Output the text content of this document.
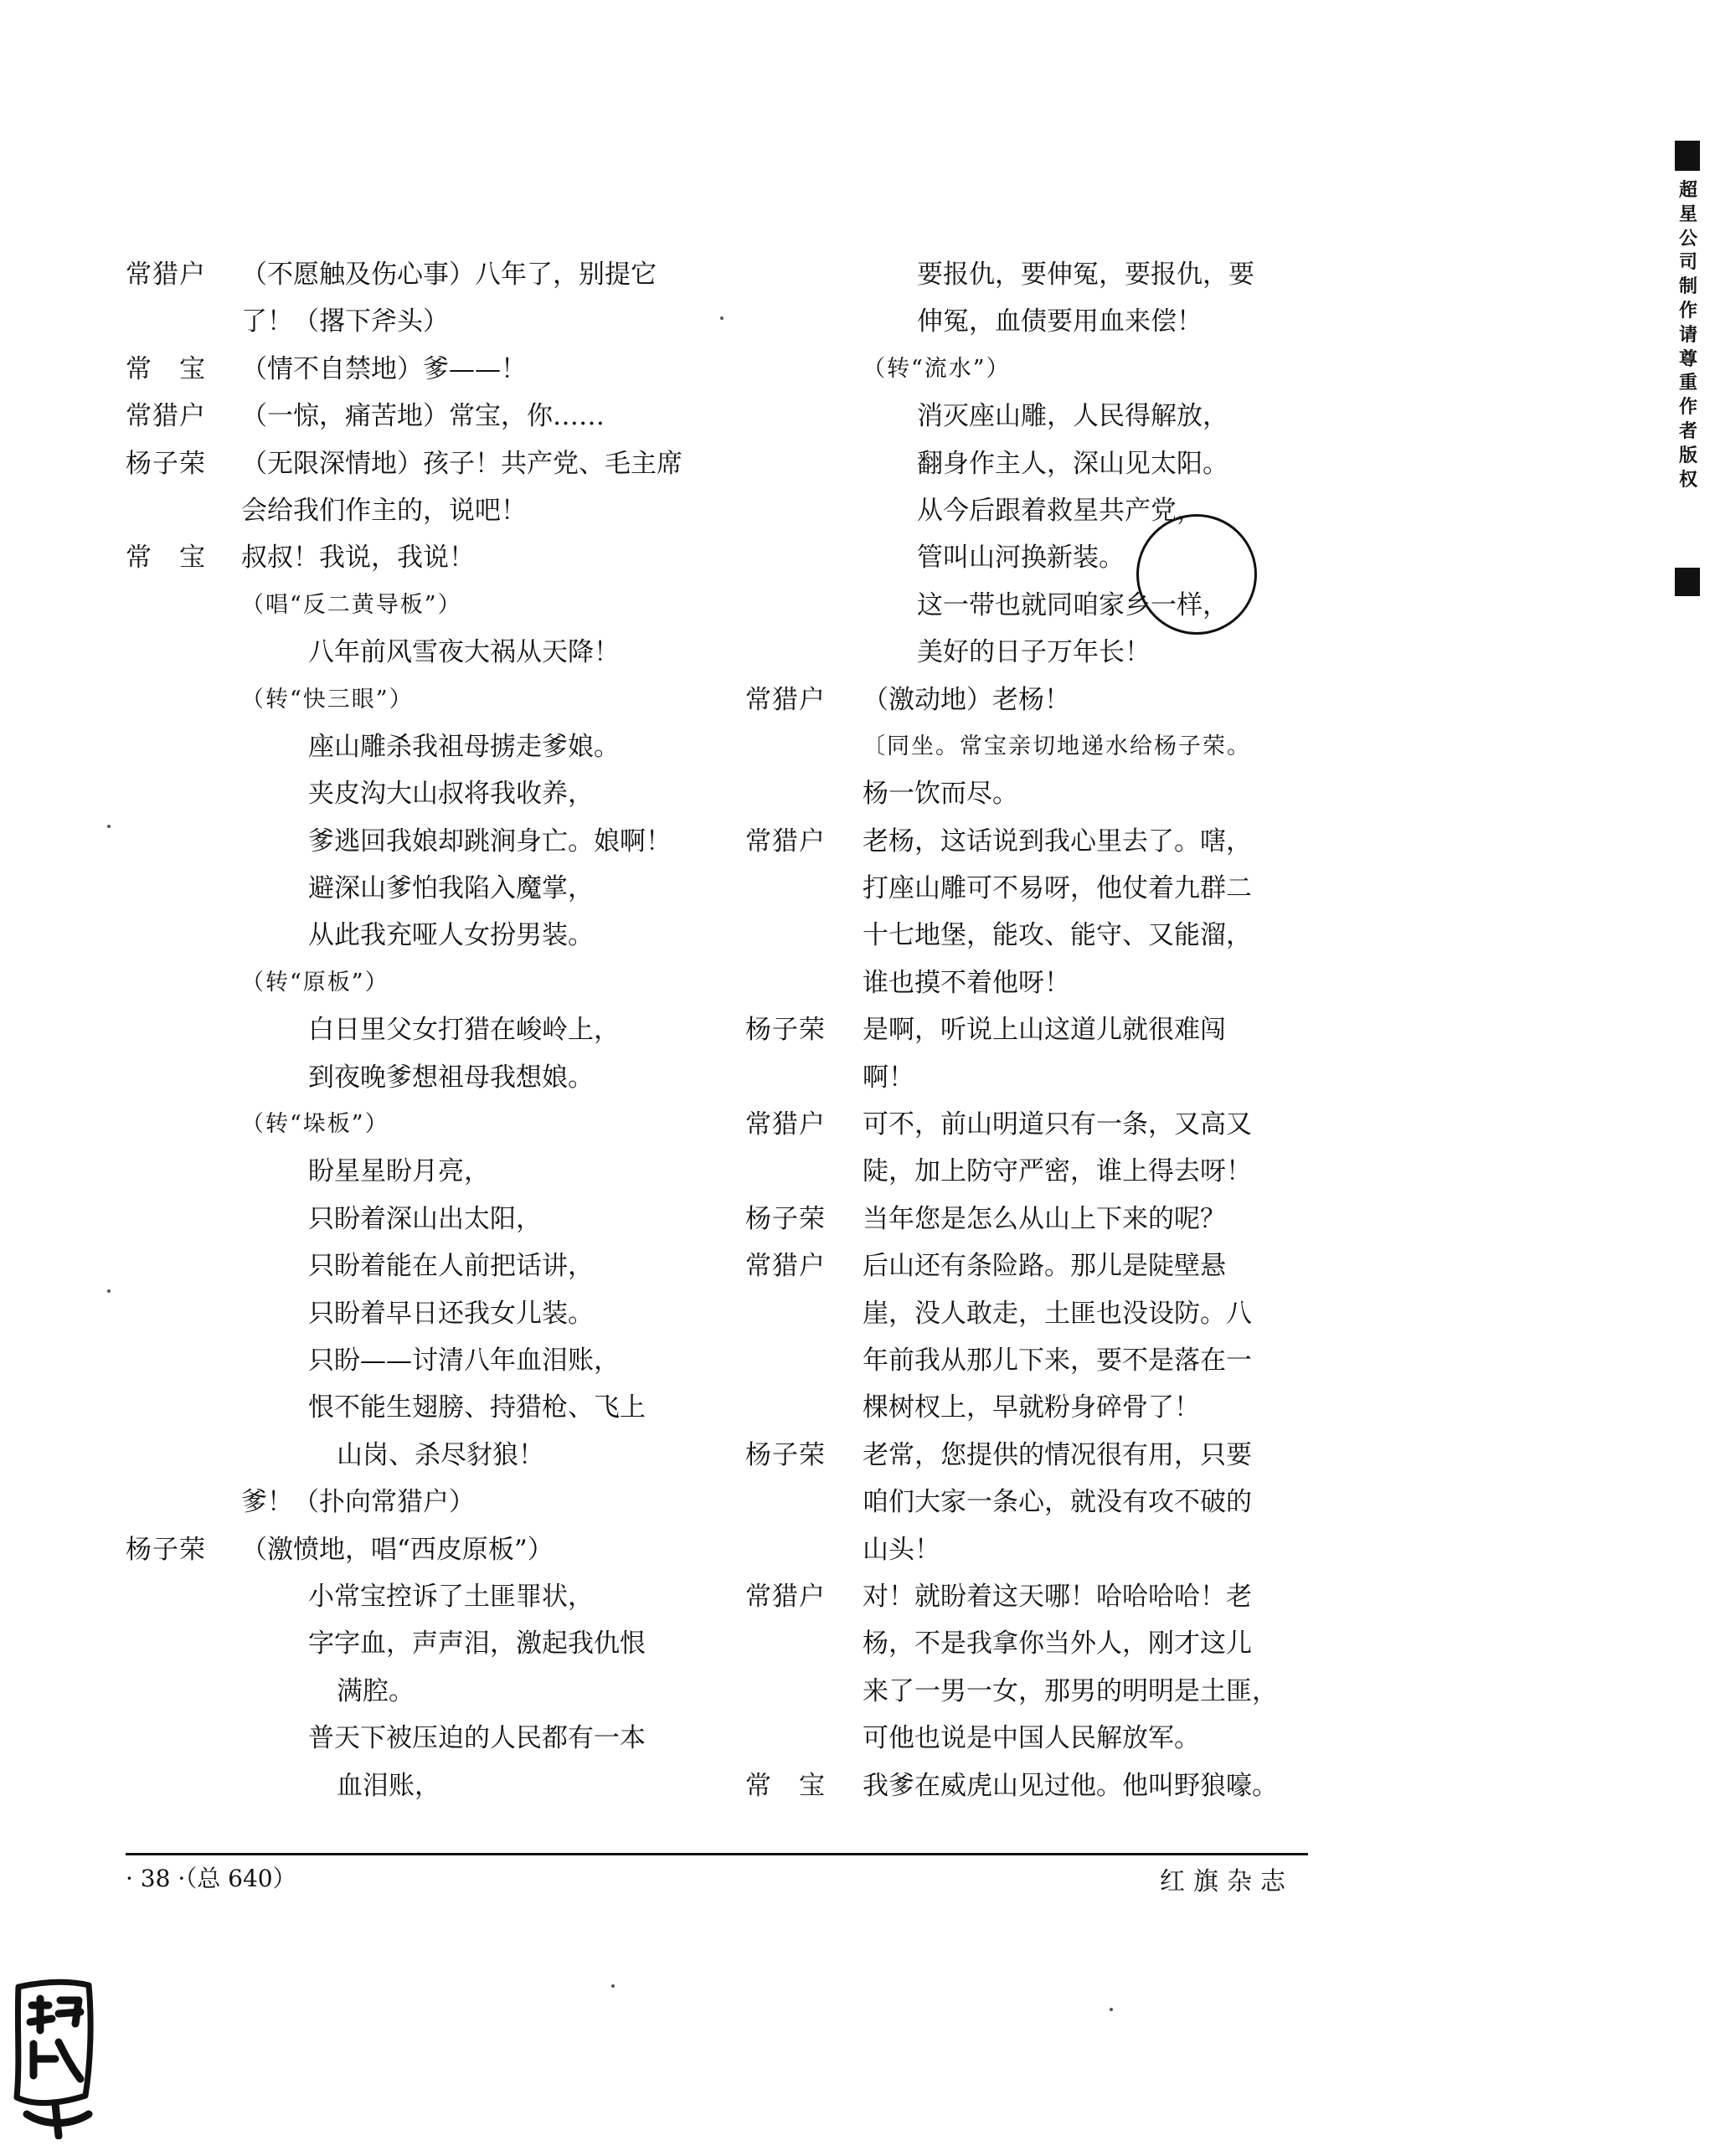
常猎户 （不愿触及伤心事）八年了，别提它
了！（撂下斧头）
常　宝 （情不自禁地）爹——！
常猎户 （一惊，痛苦地）常宝，你……
杨子荣 （无限深情地）孩子！共产党、毛主席
会给我们作主的，说吧！
常　宝 叔叔！我说，我说！
（唱“反二黄导板”）
八年前风雪夜大祸从天降！
（转“快三眼”）
座山雕杀我祖母掳走爹娘。
夹皮沟大山叔将我收养，
爹逃回我娘却跳涧身亡。娘啊！
避深山爹怕我陷入魔掌，
从此我充哑人女扮男装。
（转“原板”）
白日里父女打猎在峻岭上，
到夜晚爹想祖母我想娘。
（转“垛板”）
盼星星盼月亮，
只盼着深山出太阳，
只盼着能在人前把话讲，
只盼着早日还我女儿装。
只盼——讨清八年血泪账，
恨不能生翅膀、持猎枪、飞上
山岗、杀尽豺狼！
爹！（扑向常猎户）
杨子荣 （激愤地，唱“西皮原板”）
小常宝控诉了土匪罪状，
字字血，声声泪，激起我仇恨
满腔。
普天下被压迫的人民都有一本
血泪账，
要报仇，要伸冤，要报仇，要
伸冤，血债要用血来偿！
（转“流水”）
消灭座山雕，人民得解放，
翻身作主人，深山见太阳。
从今后跟着救星共产党，
管叫山河换新装。
这一带也就同咱家乡一样，
美好的日子万年长！
常猎户 （激动地）老杨！
〔同坐。常宝亲切地递水给杨子荣。
杨一饮而尽。
常猎户 老杨，这话说到我心里去了。嗐，
打座山雕可不易呀，他仗着九群二
十七地堡，能攻、能守、又能溜，
谁也摸不着他呀！
杨子荣 是啊，听说上山这道儿就很难闯
啊！
常猎户 可不，前山明道只有一条，又高又
陡，加上防守严密，谁上得去呀！
杨子荣 当年您是怎么从山上下来的呢？
常猎户 后山还有条险路。那儿是陡壁悬
崖，没人敢走，土匪也没设防。八
年前我从那儿下来，要不是落在一
棵树杈上，早就粉身碎骨了！
杨子荣 老常，您提供的情况很有用，只要
咱们大家一条心，就没有攻不破的
山头！
常猎户 对！就盼着这天哪！哈哈哈哈！老
杨，不是我拿你当外人，刚才这儿
来了一男一女，那男的明明是土匪，
可他也说是中国人民解放军。
常　宝 我爹在威虎山见过他。他叫野狼嚎。
· 38 ·（总 640）	红旗杂志
超
星
公
司
制
作
请
尊
重
作
者
版
权
